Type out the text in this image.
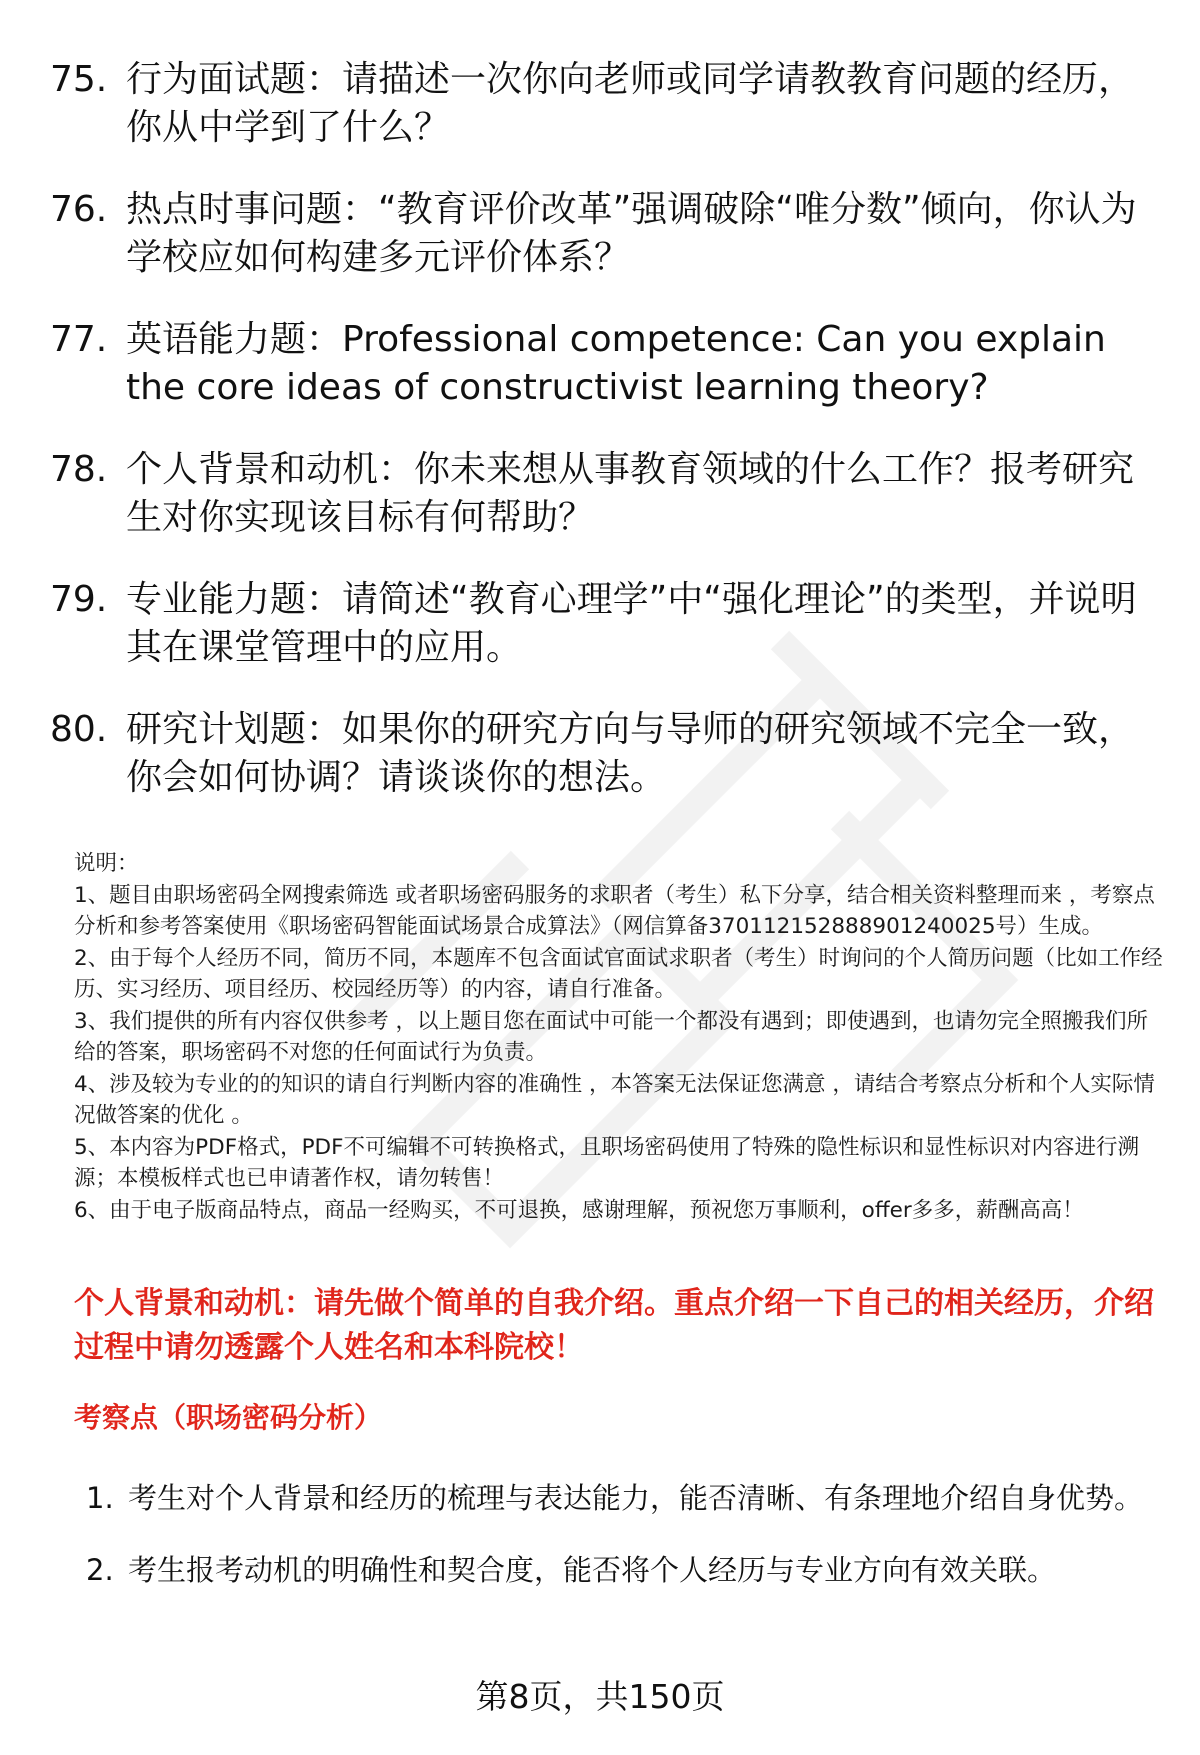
75. 行为面试题：请描述一次你向老师或同学请教教育问题的经历，你从中学到了什么？
76. 热点时事问题：“教育评价改革”强调破除“唯分数”倾向，你认为学校应如何构建多元评价体系？
77. 英语能力题：Professional competence: Can you explain the core ideas of constructivist learning theory?
78. 个人背景和动机：你未来想从事教育领域的什么工作？报考研究生对你实现该目标有何帮助？
79. 专业能力题：请简述“教育心理学”中“强化理论”的类型，并说明其在课堂管理中的应用。
80. 研究计划题：如果你的研究方向与导师的研究领域不完全一致，你会如何协调？请谈谈你的想法。

说明：

1、题目由职场密码全网搜索筛选 或者职场密码服务的求职者（考生）私下分享，结合相关资料整理而来 ，考察点分析和参考答案使用《职场密码智能面试场景合成算法》（网信算备370112152888901240025号）生成。

2、由于每个人经历不同，简历不同，本题库不包含面试官面试求职者（考生）时询问的个人简历问题（比如工作经历、实习经历、项目经历、校园经历等）的内容，请自行准备。

3、我们提供的所有内容仅供参考 ，以上题目您在面试中可能一个都没有遇到；即使遇到，也请勿完全照搬我们所给的答案，职场密码不对您的任何面试行为负责。

4、涉及较为专业的的知识的请自行判断内容的准确性 ，本答案无法保证您满意 ，请结合考察点分析和个人实际情况做答案的优化 。

5、本内容为PDF格式，PDF不可编辑不可转换格式，且职场密码使用了特殊的隐性标识和显性标识对内容进行溯源；本模板样式也已申请著作权，请勿转售！

6、由于电子版商品特点，商品一经购买，不可退换，感谢理解，预祝您万事顺利，offer多多，薪酬高高！

个人背景和动机：请先做个简单的自我介绍。重点介绍一下自己的相关经历，介绍过程中请勿透露个人姓名和本科院校！
考察点（职场密码分析）
1. 考生对个人背景和经历的梳理与表达能力，能否清晰、有条理地介绍自身优势。
2. 考生报考动机的明确性和契合度，能否将个人经历与专业方向有效关联。
第8页，共150页
